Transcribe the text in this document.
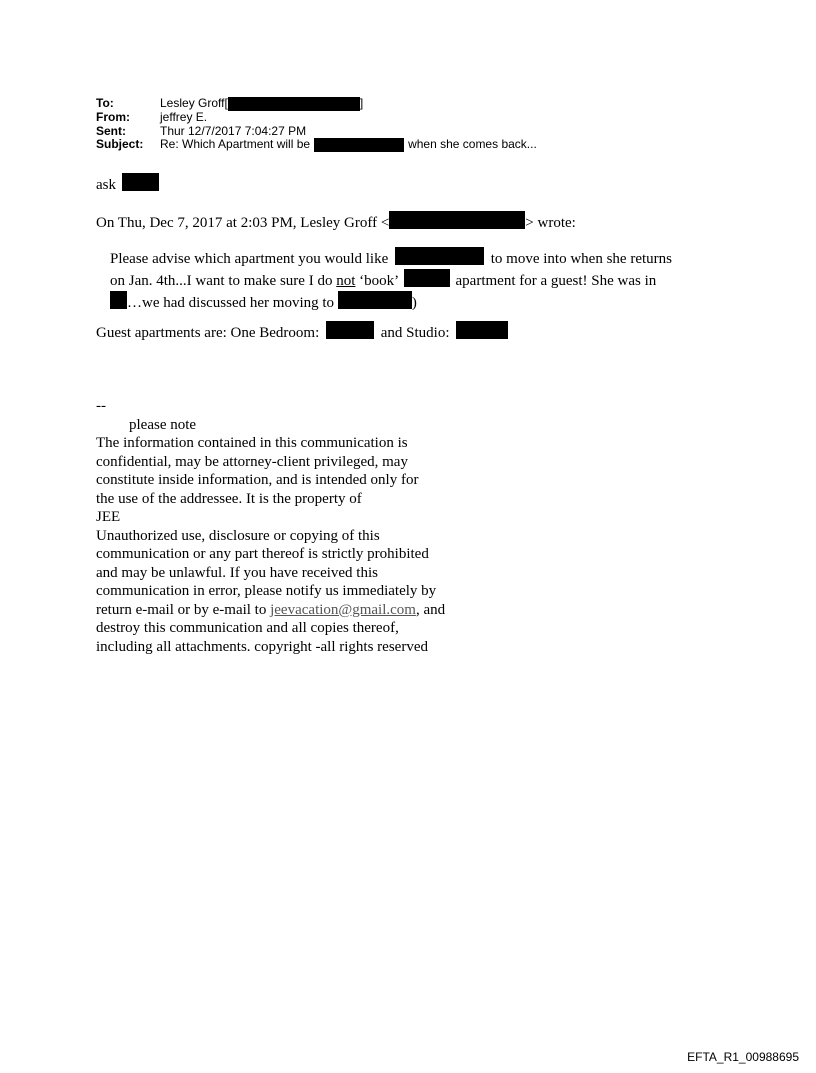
To:	Lesley Groff[	]
From:	jeffrey E.
Sent:	Thur 12/7/2017 7:04:27 PM
Subject:	Re: Which Apartment will be	when she comes back...
ask
On Thu, Dec 7, 2017 at 2:03 PM, Lesley Groff <	> wrote:
Please advise which apartment you would like	to move into when she returns
on Jan. 4th...I want to make sure I do not ‘book’	apartment for a guest! She was in
…we had discussed her moving to	)
Guest apartments are: One Bedroom:	and Studio:
--
please note
The information contained in this communication is
confidential, may be attorney-client privileged, may
constitute inside information, and is intended only for
the use of the addressee. It is the property of
JEE
Unauthorized use, disclosure or copying of this
communication or any part thereof is strictly prohibited
and may be unlawful. If you have received this
communication in error, please notify us immediately by
return e-mail or by e-mail to jeevacation@gmail.com, and
destroy this communication and all copies thereof,
including all attachments. copyright -all rights reserved
EFTA_R1_00988695
